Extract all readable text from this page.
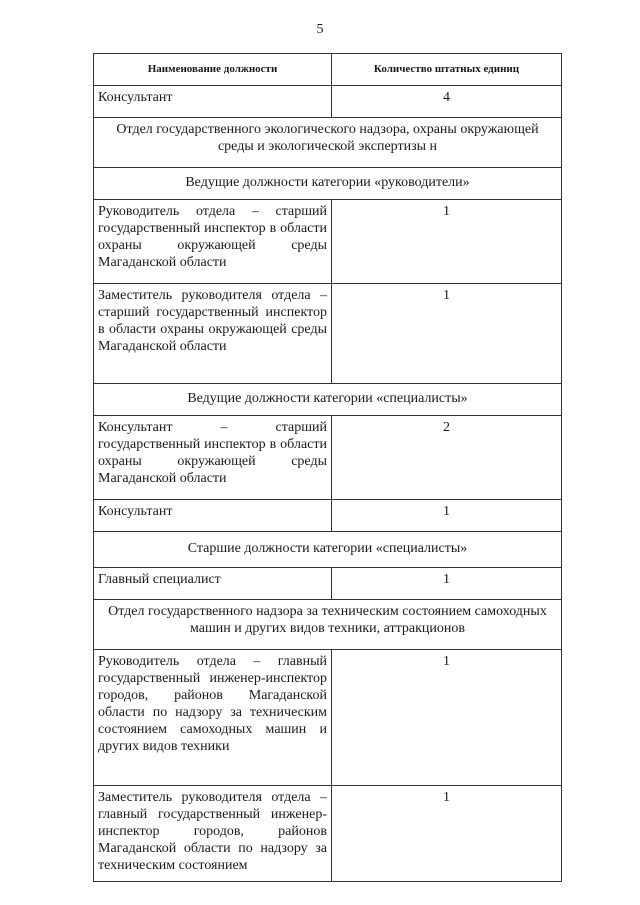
5
Наименование должности	Количество штатных единиц
Консультант	4
Отдел государственного экологического надзора, охраны окружающей среды и экологической экспертизы н	
Ведущие должности категории «руководители»	
Руководитель отдела – старший государственный инспектор в области охраны окружающей среды Магаданской области	1
Заместитель руководителя отдела – старший государственный инспектор в области охраны окружающей среды Магаданской области	1
Ведущие должности категории «специалисты»	
Консультант – старший государственный инспектор в области охраны окружающей среды Магаданской области	2
Консультант	1
Старшие должности категории «специалисты»	
Главный специалист	1
Отдел государственного надзора за техническим состоянием самоходных машин и других видов техники, аттракционов	
Руководитель отдела – главный государственный инженер-инспектор городов, районов Магаданской области по надзору за техническим состоянием самоходных машин и других видов техники	1
Заместитель руководителя отдела – главный государственный инженер-инспектор городов, районов Магаданской области по надзору за техническим состоянием	1
